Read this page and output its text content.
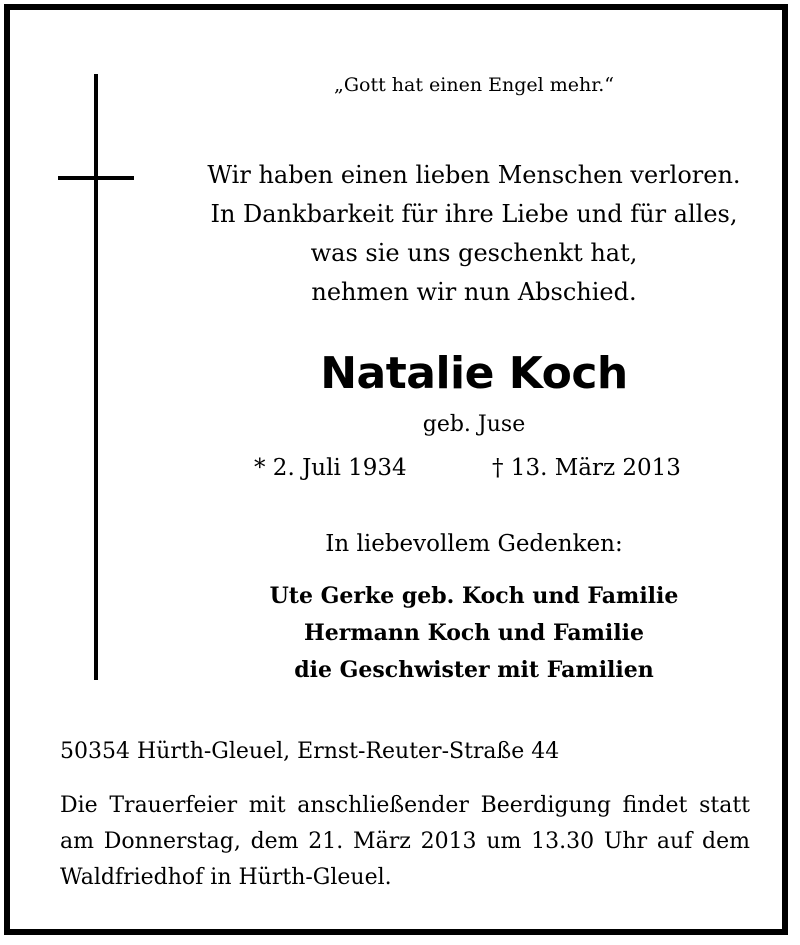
„Gott hat einen Engel mehr.“
Wir haben einen lieben Menschen verloren.
In Dankbarkeit für ihre Liebe und für alles,
was sie uns geschenkt hat,
nehmen wir nun Abschied.
Natalie Koch
geb. Juse
* 2. Juli 1934	† 13. März 2013
In liebevollem Gedenken:
Ute Gerke geb. Koch und Familie
Hermann Koch und Familie
die Geschwister mit Familien
50354 Hürth-Gleuel, Ernst-Reuter-Straße 44
Die Trauerfeier mit anschließender Beerdigung findet statt
am Donnerstag, dem 21. März 2013 um 13.30 Uhr auf dem
Waldfriedhof in Hürth-Gleuel.
